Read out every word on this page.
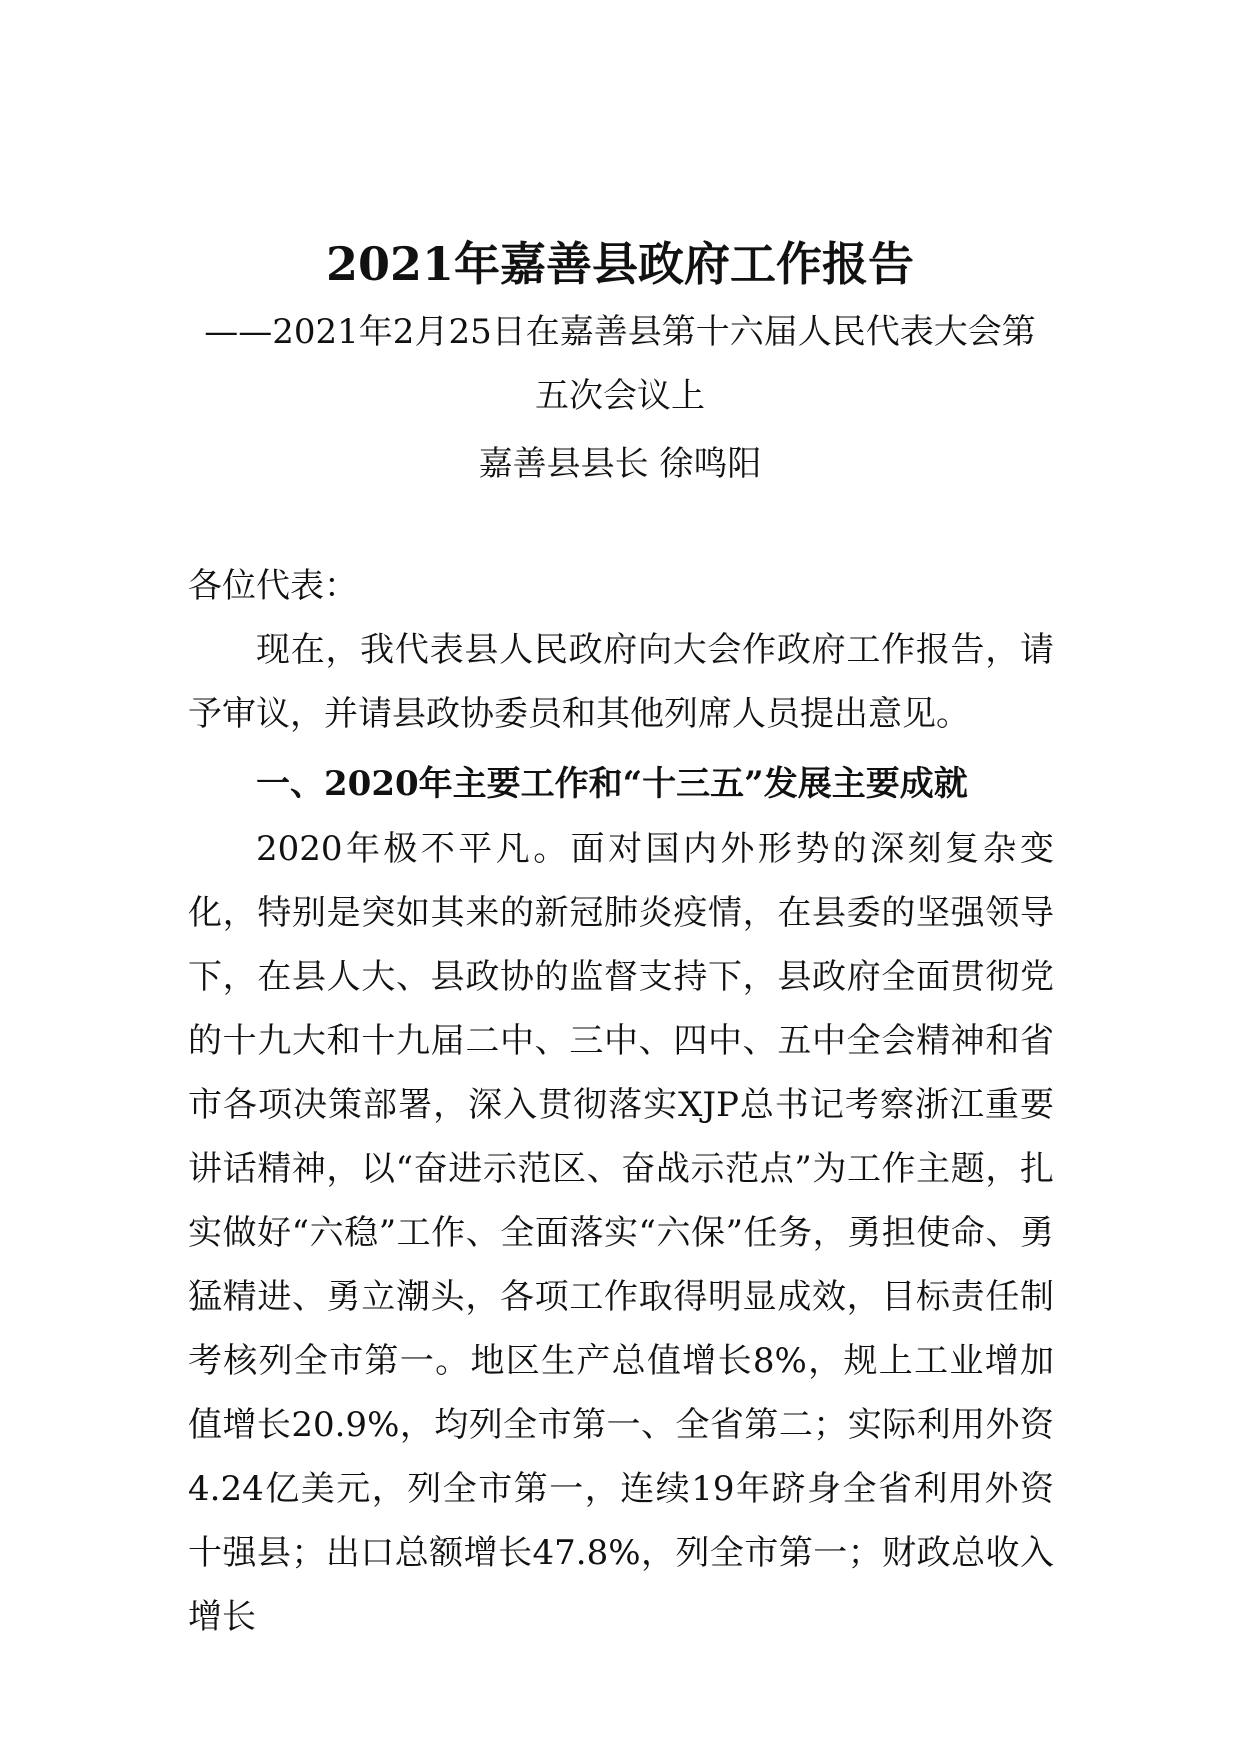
2021年嘉善县政府工作报告
——2021年2月25日在嘉善县第十六届人民代表大会第五次会议上
嘉善县县长 徐鸣阳
各位代表：
现在，我代表县人民政府向大会作政府工作报告，请予审议，并请县政协委员和其他列席人员提出意见。
一、2020年主要工作和“十三五”发展主要成就
2020年极不平凡。面对国内外形势的深刻复杂变化，特别是突如其来的新冠肺炎疫情，在县委的坚强领导下，在县人大、县政协的监督支持下，县政府全面贯彻党的十九大和十九届二中、三中、四中、五中全会精神和省市各项决策部署，深入贯彻落实XJP总书记考察浙江重要讲话精神，以“奋进示范区、奋战示范点”为工作主题，扎实做好“六稳”工作、全面落实“六保”任务，勇担使命、勇猛精进、勇立潮头，各项工作取得明显成效，目标责任制考核列全市第一。地区生产总值增长8%，规上工业增加值增长20.9%，均列全市第一、全省第二；实际利用外资4.24亿美元，列全市第一，连续19年跻身全省利用外资十强县；出口总额增长47.8%，列全市第一；财政总收入增长
